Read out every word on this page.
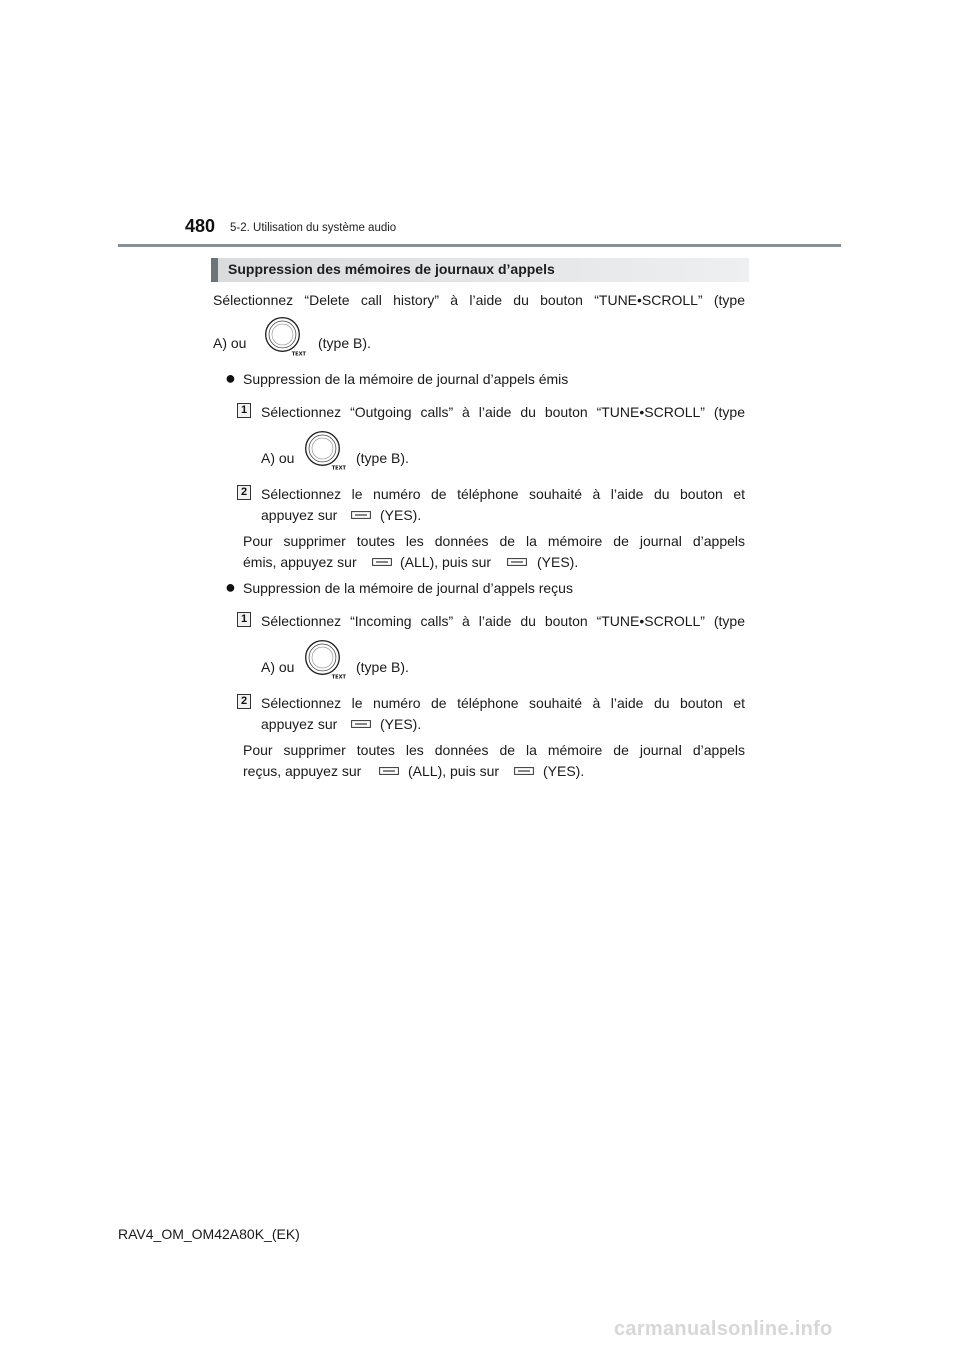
480 5-2. Utilisation du système audio
Suppression des mémoires de journaux d’appels
Sélectionnez “Delete call history” à l’aide du bouton “TUNE•SCROLL” (type
A) ou
TEXT
(type B).
● Suppression de la mémoire de journal d’appels émis
1 Sélectionnez “Outgoing calls” à l’aide du bouton “TUNE•SCROLL” (type
A) ou
TEXT
(type B).
2 Sélectionnez le numéro de téléphone souhaité à l’aide du bouton et
appuyez sur	(YES).
Pour supprimer toutes les données de la mémoire de journal d’appels
émis, appuyez sur	(ALL), puis sur	(YES).
● Suppression de la mémoire de journal d’appels reçus
1 Sélectionnez “Incoming calls” à l’aide du bouton “TUNE•SCROLL” (type
A) ou
TEXT
(type B).
2 Sélectionnez le numéro de téléphone souhaité à l’aide du bouton et
appuyez sur	(YES).
Pour supprimer toutes les données de la mémoire de journal d’appels
reçus, appuyez sur	(ALL), puis sur	(YES).
RAV4_OM_OM42A80K_(EK)
carmanualsonline.info
